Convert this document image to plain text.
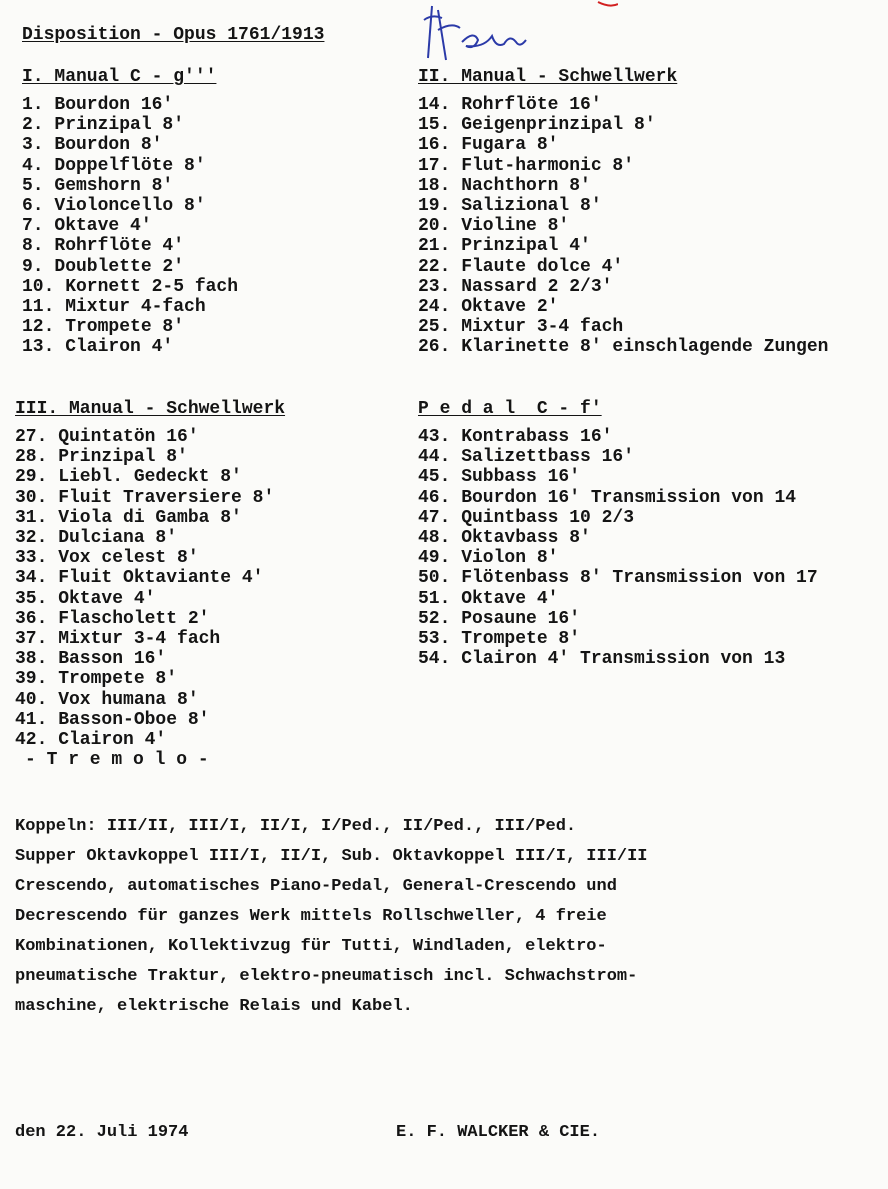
Disposition - Opus 1761/1913
I. Manual C - g'''
1. Bourdon 16'
2. Prinzipal 8'
3. Bourdon 8'
4. Doppelflöte 8'
5. Gemshorn 8'
6. Violoncello 8'
7. Oktave 4'
8. Rohrflöte 4'
9. Doublette 2'
10. Kornett 2-5 fach
11. Mixtur 4-fach
12. Trompete 8'
13. Clairon 4'
II. Manual - Schwellwerk
14. Rohrflöte 16'
15. Geigenprinzipal 8'
16. Fugara 8'
17. Flut-harmonic 8'
18. Nachthorn 8'
19. Salizional 8'
20. Violine 8'
21. Prinzipal 4'
22. Flaute dolce 4'
23. Nassard 2 2/3'
24. Oktave 2'
25. Mixtur 3-4 fach
26. Klarinette 8' einschlagende Zungen
III. Manual - Schwellwerk
27. Quintatön 16'
28. Prinzipal 8'
29. Liebl. Gedeckt 8'
30. Fluit Traversiere 8'
31. Viola di Gamba 8'
32. Dulciana 8'
33. Vox celest 8'
34. Fluit Oktaviante 4'
35. Oktave 4'
36. Flascholett 2'
37. Mixtur 3-4 fach
38. Basson 16'
39. Trompete 8'
40. Vox humana 8'
41. Basson-Oboe 8'
42. Clairon 4'
- T r e m o l o -
P e d a l  C - f'
43. Kontrabass 16'
44. Salizettbass 16'
45. Subbass 16'
46. Bourdon 16' Transmission von 14
47. Quintbass 10 2/3
48. Oktavbass 8'
49. Violon 8'
50. Flötenbass 8' Transmission von 17
51. Oktave 4'
52. Posaune 16'
53. Trompete 8'
54. Clairon 4' Transmission von 13
Koppeln: III/II, III/I, II/I, I/Ped., II/Ped., III/Ped.
Supper Oktavkoppel III/I, II/I, Sub. Oktavkoppel III/I, III/II
Crescendo, automatisches Piano-Pedal, General-Crescendo und
Decrescendo für ganzes Werk mittels Rollschweller, 4 freie
Kombinationen, Kollektivzug für Tutti, Windladen, elektro-
pneumatische Traktur, elektro-pneumatisch incl. Schwachstrom-
maschine, elektrische Relais und Kabel.
den 22. Juli 1974	E. F. WALCKER & CIE.
